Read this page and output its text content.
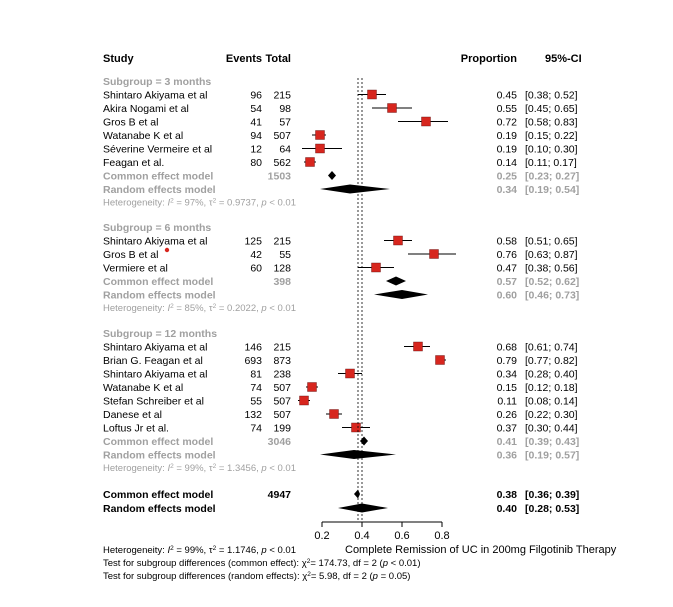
Study	Events Total	Proportion	95%-CI
Subgroup = 3 months
Shintaro Akiyama et al	96 215	0.45 [0.38; 0.52]
Akira Nogami et al	54 98	0.55 [0.45; 0.65]
Gros B et al	41 57	0.72 [0.58; 0.83]
Watanabe K et al	94 507	0.19 [0.15; 0.22]
Séverine Vermeire et al	12 64	0.19 [0.10; 0.30]
Feagan et al.	80 562	0.14 [0.11; 0.17]
Common effect model	1503	0.25 [0.23; 0.27]
Random effects model	0.34 [0.19; 0.54]
Heterogeneity: $I^2 = 97\%$, $\tau^2 = 0.9737$, p < 0.01
Subgroup = 6 months
Shintaro Akiyama et al	125 215	0.58 [0.51; 0.65]
Gros B et al	42 55	0.76 [0.63; 0.87]
Vermiere et al	60 128	0.47 [0.38; 0.56]
Common effect model	398	0.57 [0.52; 0.62]
Random effects model	0.60 [0.46; 0.73]
Heterogeneity: $I^2 = 85\%$, $\tau^2 = 0.2022$, p < 0.01
Subgroup = 12 months
Shintaro Akiyama et al	146 215	0.68 [0.61; 0.74]
Brian G. Feagan et al	693 873	0.79 [0.77; 0.82]
Shintaro Akiyama et al	81 238	0.34 [0.28; 0.40]
Watanabe K et al	74 507	0.15 [0.12; 0.18]
Stefan Schreiber et al	55 507	0.11 [0.08; 0.14]
Danese et al	132 507	0.26 [0.22; 0.30]
Loftus Jr et al.	74 199	0.37 [0.30; 0.44]
Common effect model	3046	0.41 [0.39; 0.43]
Random effects model	0.36 [0.19; 0.57]
Heterogeneity: $I^2 = 99\%$, $\tau^2 = 1.3456$, p < 0.01
Common effect model	4947	0.38 [0.36; 0.39]
Random effects model	0.40 [0.28; 0.53]
0.2 0.4 0.6 0.8
Heterogeneity: $I^2 = 99\%$, $\tau^2 = 1.1746$, p < 0.01	Complete Remission of UC in 200mg Filgotinib Therapy
Test for subgroup differences (common effect): $\chi^2= 174.73$, df = 2 (p < 0.01)
Test for subgroup differences (random effects): $\chi^2= 5.98$, df = 2 (p = 0.05)
